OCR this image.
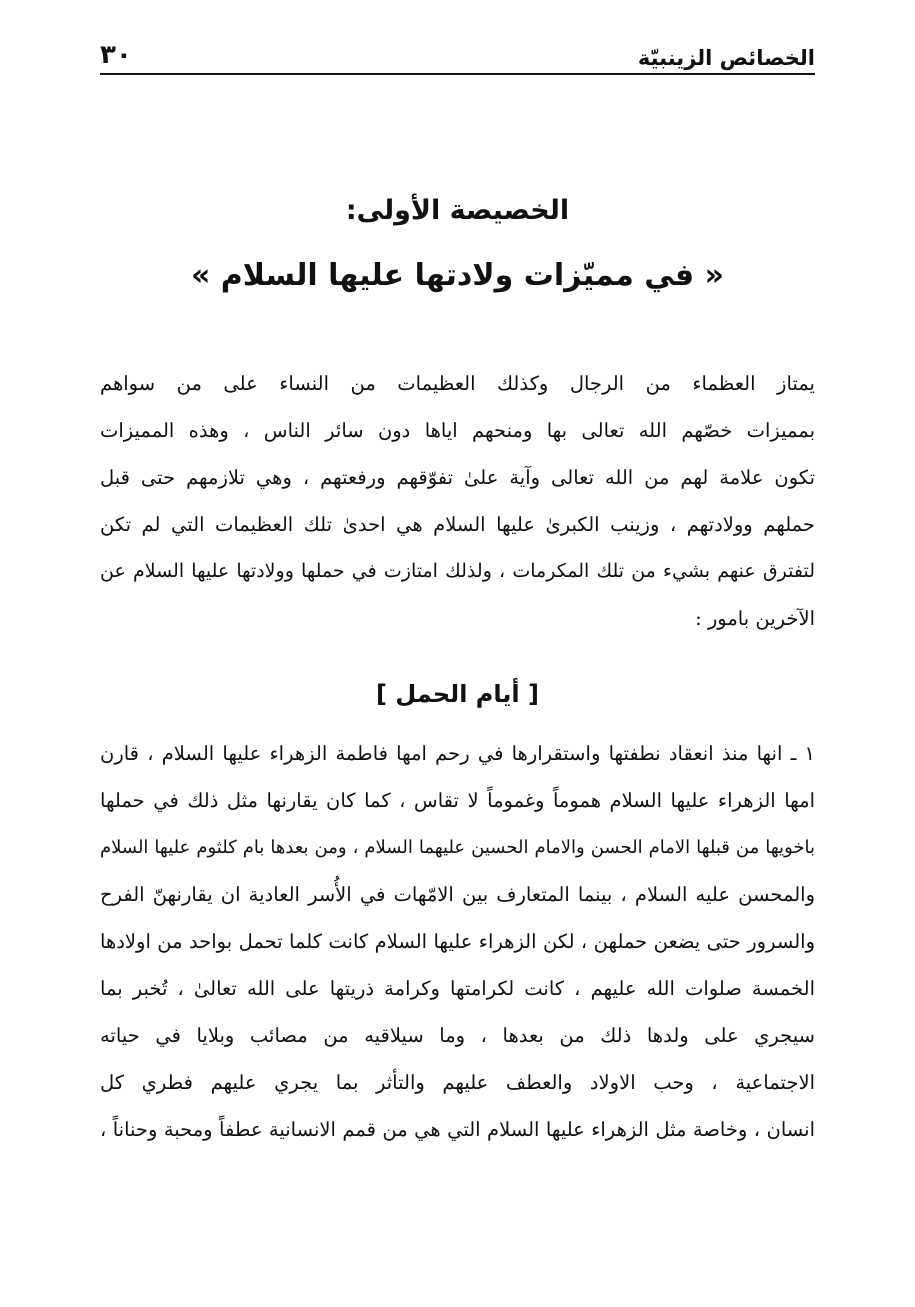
الخصائص الزينبيّة
٣٠
الخصيصة الأولى:
« في مميّزات ولادتها عليها السلام »
يمتاز العظماء من الرجال وكذلك العظيمات من النساء على من سواهم
بمميزات خصّهم الله تعالى بها ومنحهم اياها دون سائر الناس ، وهذه المميزات
تكون علامة لهم من الله تعالى وآية علىٰ تفوّقهم ورفعتهم ، وهي تلازمهم حتى قبل
حملهم وولادتهم ، وزينب الكبرىٰ عليها السلام هي احدىٰ تلك العظيمات التي لم تكن
لتفترق عنهم بشيء من تلك المكرمات ، ولذلك امتازت في حملها وولادتها عليها السلام عن
الآخرين بامور :
[ أيام الحمل ]
١ ـ انها منذ انعقاد نطفتها واستقرارها في رحم امها فاطمة الزهراء عليها السلام ، قارن
امها الزهراء عليها السلام هموماً وغموماً لا تقاس ، كما كان يقارنها مثل ذلك في حملها
باخويها من قبلها الامام الحسن والامام الحسين عليهما السلام ، ومن بعدها بام كلثوم عليها السلام
والمحسن عليه السلام ، بينما المتعارف بين الامّهات في الأُسر العادية ان يقارنهنّ الفرح
والسرور حتى يضعن حملهن ، لكن الزهراء عليها السلام كانت كلما تحمل بواحد من اولادها
الخمسة صلوات الله عليهم ، كانت لكرامتها وكرامة ذريتها على الله تعالىٰ ، تُخبر بما
سيجري على ولدها ذلك من بعدها ، وما سيلاقيه من مصائب وبلايا في حياته
الاجتماعية ، وحب الاولاد والعطف عليهم والتأثر بما يجري عليهم فطري كل
انسان ، وخاصة مثل الزهراء عليها السلام التي هي من قمم الانسانية عطفاً ومحبة وحناناً ،
